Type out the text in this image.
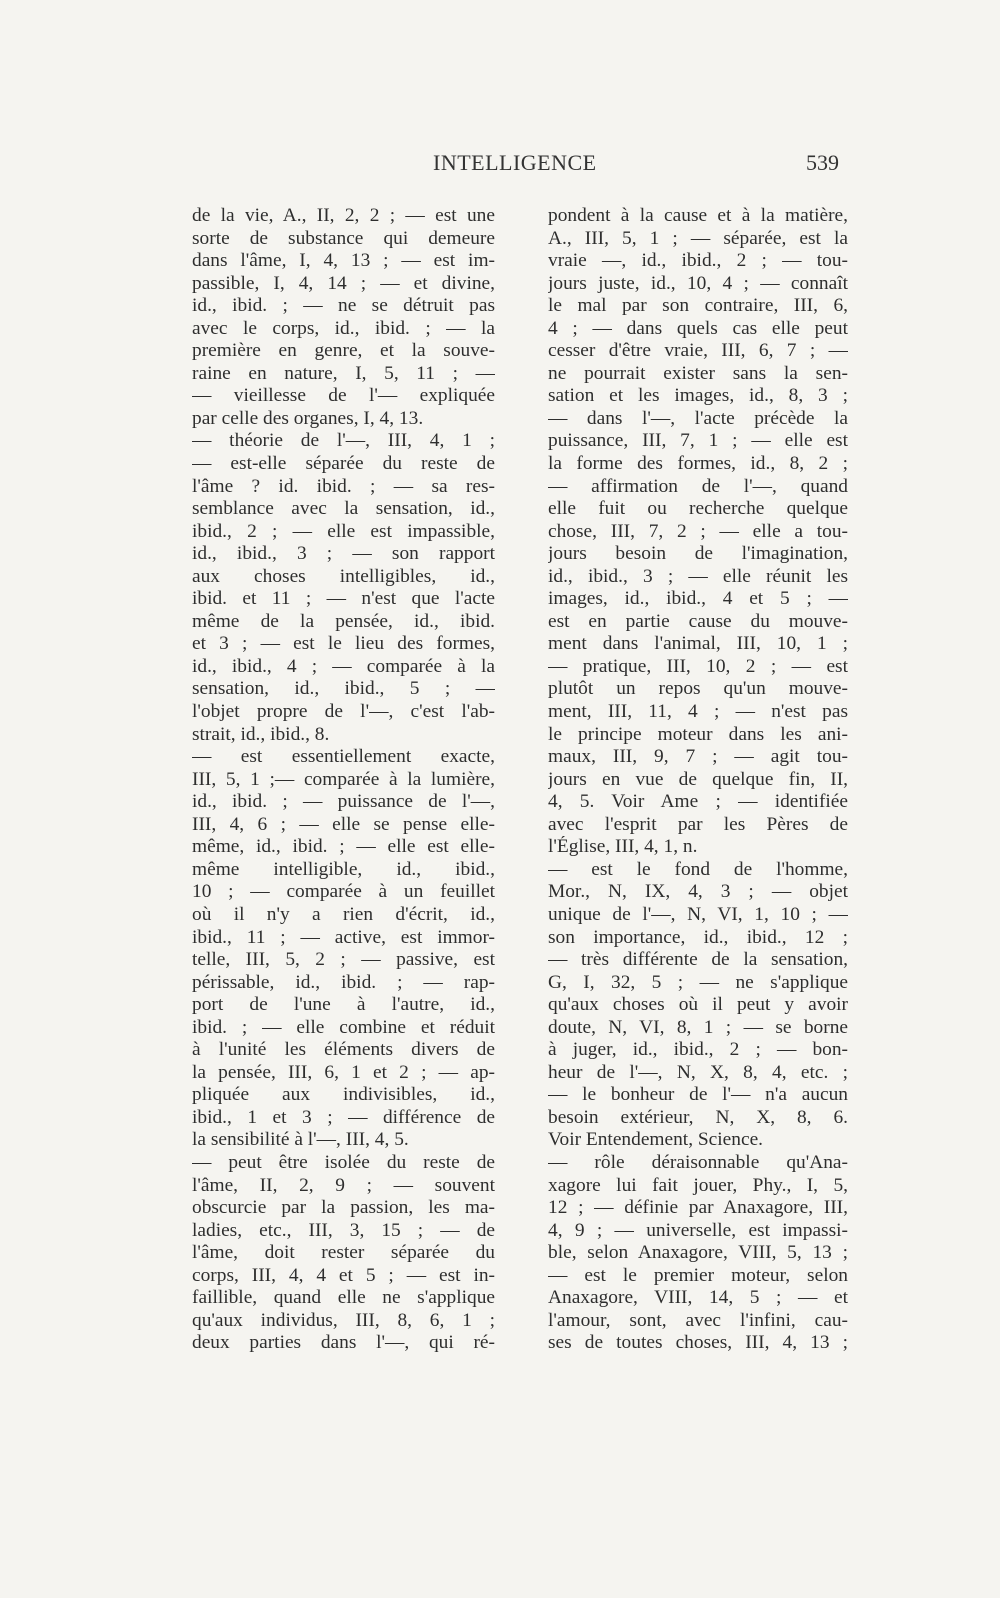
INTELLIGENCE	539
de la vie, A., II, 2, 2 ; — est une
sorte de substance qui demeure
dans l'âme, I, 4, 13 ; — est im-
passible, I, 4, 14 ; — et divine,
id., ibid. ; — ne se détruit pas
avec le corps, id., ibid. ; — la
première en genre, et la souve-
raine en nature, I, 5, 11 ; —
— vieillesse de l'— expliquée
par celle des organes, I, 4, 13.
— théorie de l'—, III, 4, 1 ;
— est-elle séparée du reste de
l'âme ? id. ibid. ; — sa res-
semblance avec la sensation, id.,
ibid., 2 ; — elle est impassible,
id., ibid., 3 ; — son rapport
aux choses intelligibles, id.,
ibid. et 11 ; — n'est que l'acte
même de la pensée, id., ibid.
et 3 ; — est le lieu des formes,
id., ibid., 4 ; — comparée à la
sensation, id., ibid., 5 ; —
l'objet propre de l'—, c'est l'ab-
strait, id., ibid., 8.
— est essentiellement exacte,
III, 5, 1 ;— comparée à la lumière,
id., ibid. ; — puissance de l'—,
III, 4, 6 ; — elle se pense elle-
même, id., ibid. ; — elle est elle-
même intelligible, id., ibid.,
10 ; — comparée à un feuillet
où il n'y a rien d'écrit, id.,
ibid., 11 ; — active, est immor-
telle, III, 5, 2 ; — passive, est
périssable, id., ibid. ; — rap-
port de l'une à l'autre, id.,
ibid. ; — elle combine et réduit
à l'unité les éléments divers de
la pensée, III, 6, 1 et 2 ; — ap-
pliquée aux indivisibles, id.,
ibid., 1 et 3 ; — différence de
la sensibilité à l'—, III, 4, 5.
— peut être isolée du reste de
l'âme, II, 2, 9 ; — souvent
obscurcie par la passion, les ma-
ladies, etc., III, 3, 15 ; — de
l'âme, doit rester séparée du
corps, III, 4, 4 et 5 ; — est in-
faillible, quand elle ne s'applique
qu'aux individus, III, 8, 6, 1 ;
deux parties dans l'—, qui ré-
pondent à la cause et à la matière,
A., III, 5, 1 ; — séparée, est la
vraie —, id., ibid., 2 ; — tou-
jours juste, id., 10, 4 ; — connaît
le mal par son contraire, III, 6,
4 ; — dans quels cas elle peut
cesser d'être vraie, III, 6, 7 ; —
ne pourrait exister sans la sen-
sation et les images, id., 8, 3 ;
— dans l'—, l'acte précède la
puissance, III, 7, 1 ; — elle est
la forme des formes, id., 8, 2 ;
— affirmation de l'—, quand
elle fuit ou recherche quelque
chose, III, 7, 2 ; — elle a tou-
jours besoin de l'imagination,
id., ibid., 3 ; — elle réunit les
images, id., ibid., 4 et 5 ; —
est en partie cause du mouve-
ment dans l'animal, III, 10, 1 ;
— pratique, III, 10, 2 ; — est
plutôt un repos qu'un mouve-
ment, III, 11, 4 ; — n'est pas
le principe moteur dans les ani-
maux, III, 9, 7 ; — agit tou-
jours en vue de quelque fin, II,
4, 5. Voir Ame ; — identifiée
avec l'esprit par les Pères de
l'Église, III, 4, 1, n.
— est le fond de l'homme,
Mor., N, IX, 4, 3 ; — objet
unique de l'—, N, VI, 1, 10 ; —
son importance, id., ibid., 12 ;
— très différente de la sensation,
G, I, 32, 5 ; — ne s'applique
qu'aux choses où il peut y avoir
doute, N, VI, 8, 1 ; — se borne
à juger, id., ibid., 2 ; — bon-
heur de l'—, N, X, 8, 4, etc. ;
— le bonheur de l'— n'a aucun
besoin extérieur, N, X, 8, 6.
Voir Entendement, Science.
— rôle déraisonnable qu'Ana-
xagore lui fait jouer, Phy., I, 5,
12 ; — définie par Anaxagore, III,
4, 9 ; — universelle, est impassi-
ble, selon Anaxagore, VIII, 5, 13 ;
— est le premier moteur, selon
Anaxagore, VIII, 14, 5 ; — et
l'amour, sont, avec l'infini, cau-
ses de toutes choses, III, 4, 13 ;
